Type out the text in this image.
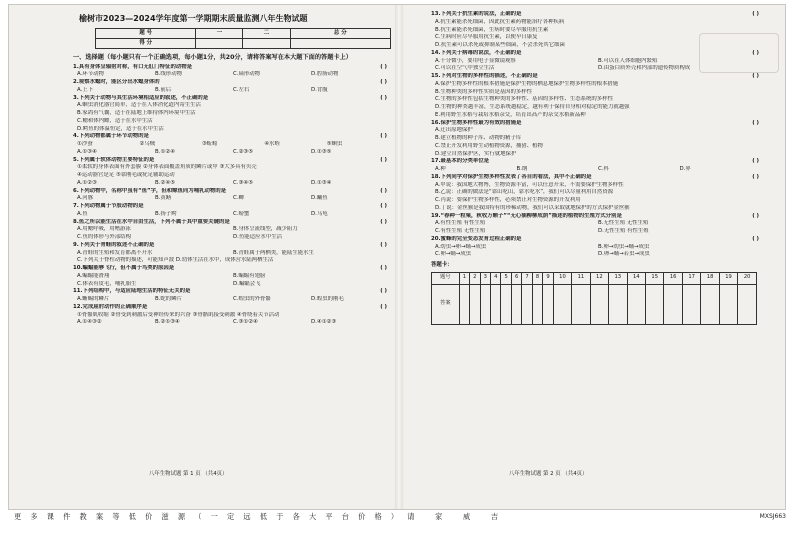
榆树市2023—2024学年度第一学期期末质量监测八年生物试题
题 号	一	二	总 分
得 分			
一、选择题（每小题只有一个正确选项，每小题1分，共20分，请将答案写在本大题下面的答题卡上）
1.具有身体呈辐射对称，有口无肛门特征的动物是	( )
A.环节动物	B.线形动物	C.扁形动物	D.腔肠动物
2.观察水螅时，能区分出水螅身体的	( )
A.上下	B.前后	C.左右	D.背腹
3.下列关于动物与其生活环境相适应的叙述，不正确的是	( )
A.蛔虫消化器官简单，适于在人体消化道内寄生生活
B.家鸽有气囊，适于在陆地上维持体内环境中生活
C.鳃和体内鳔，适于在水中生活
D.鳄鱼的体温恒定，适于在水中生活
4.下列动物都属于环节动物的是	( )
①沙蚕	②乌贼	③蚯蚓	④水蛭	⑤蛔虫
A.①③④	B.①②④	C.②③⑤	D.①③⑤
5.下列属于软体动物主要特征的是	( )
①柔软的身体表面有外套膜 ②身体表面覆盖角质的鳞片或甲 ③大多具有贝壳
④运动器官是足 ⑤靠刚毛或疣足辅助运动
A.①②③	B.②④⑤	C.③④⑤	D.①③④
6.下列动物中，名称中虽有“鱼”字，但和鲸鱼同为哺乳动物的是	( )
A.河豚	B.黄鳝	C.鲫	D.鳙鱼
7.下列动物属于节肢动物的是	( )
A.鱼	B.扬子鳄	C.螃蟹	D.乌龟
8.鱼之所以能生活在水中自由生活，下列不属于其中重要关键的是	( )
A.用鳃呼吸，用鳍游泳	B.身体呈流线型，减少阻力
C.鱼的体形与外部结构	D.鱼能适应水中生活
9.下列关于青蛙的叙述不正确的是	( )
A.青蛙的生殖和发育都离不开水	B.青蛙属于两栖类，能陆生能水生
C.下列关于脊柱动物的描述，可能知声波 D.幼体生活在水中，成体营水陆两栖生活
10.蝙蝠能够飞行，但不属于鸟类的原因是	( )
A.蝙蝠能滑翔	B.蝙蝠有翅膀
C.体表有皮毛，哺乳胎生	D.蝙蝠会飞
11.下列结构中，与适应陆地生活的特征无关的是	( )
A.蜥蜴的鳞片	B.蛇的鳞片	C.蝗虫的外骨骼	D.蝗虫的刚毛
12.完成屈肘动作的正确顺序是	( )
①骨骼肌收缩 ②骨受到刺激后受神经传来的兴奋 ③骨骼肌接受刺激 ④骨绕着关节活动
A.①④③②	B.②①③④	C.③①②④	D.④①②③
13.下列关于抗生素的说法，正确的是	( )
A.抗生素能杀死细菌，因此抗生素药物能治疗各种疾病
B.抗生素能杀死细菌，生病时要尽早服用抗生素
C.生病时应尽早服用抗生素，以便早日康复
D.抗生素可以杀死或抑制某些细菌，不会杀死其它细菌
14.下列关于病毒的说法，不正确的是	( )
A.十分微小，要用电子显微镜观察	B.可以在人体细胞内繁殖
C.可以在空气中独立生活	D.由蛋白质外壳和内部的遗传物质构成
15.下列对生物的多样性的描述，不正确的是	( )
A.保护生物多样性的根本措施是保护生物的栖息地保护生物多样性的根本措施
B.生物种类的多样性实质是基因的多样性
C.生物的多样性包括生物种类的多样性、基因的多样性、生态系统的多样性
D.生物的种类越丰富，生态系统越稳定，越有利于保持自身相对稳定的能力就越强
E.利用野生水稻与栽培水稻杂交，培育出高产的杂交水稻新品种
16.保护生物多样性最为有效的措施是	( )
A.迁出原地保护
B.建立植物的种子库、动物的精子库
C.禁止开发利用野生动植物资源，捕猎、植物
D.建立自然保护区，实行就地保护
17.最基本的分类单位是	( )
A.种	B.纲	C.科	D.界
18.下列同学对保护生物多样性发表了各自的看法，其中不正确的是	( )
A.甲说：我国地大物博，生物资源丰富，可以任意开采，不需要保护生物多样性
B.乙说：正确的做法是“靠山吃山，靠水吃水”，我们可以尽量利用自然资源
C.丙说：要保护生物多样性，必须禁止对生物资源的开发利用
D.丁说：金丝猴是我国特有的珍稀动物，我们可以采取就地保护的方式保护金丝猴
19.“春种一粒粟，秋收万颗子”“无心插柳柳成荫”描述的植物的生殖方式分别是	( )
A.有性生殖 有性生殖	B.无性生殖 无性生殖
C.有性生殖 无性生殖	D.无性生殖 有性生殖
20.蜜蜂的完全变态发育过程正确的是	( )
A.幼虫→卵→蛹→成虫	B.卵→幼虫→蛹→成虫
C.卵→蛹→成虫	D.卵→蛹→若虫→成虫
答题卡：
题号	1	2	3	4	5	6	7	8	9	10	11	12	13	14	15	16	17	18	19	20
答案																				
八年生物试题 第 1 页 （共4页）	八年生物试题 第 2 页 （共4页）
更多课件教案等低价滋源（一定远低于各大平台价格）请 家 威 吉	MXSJ663
